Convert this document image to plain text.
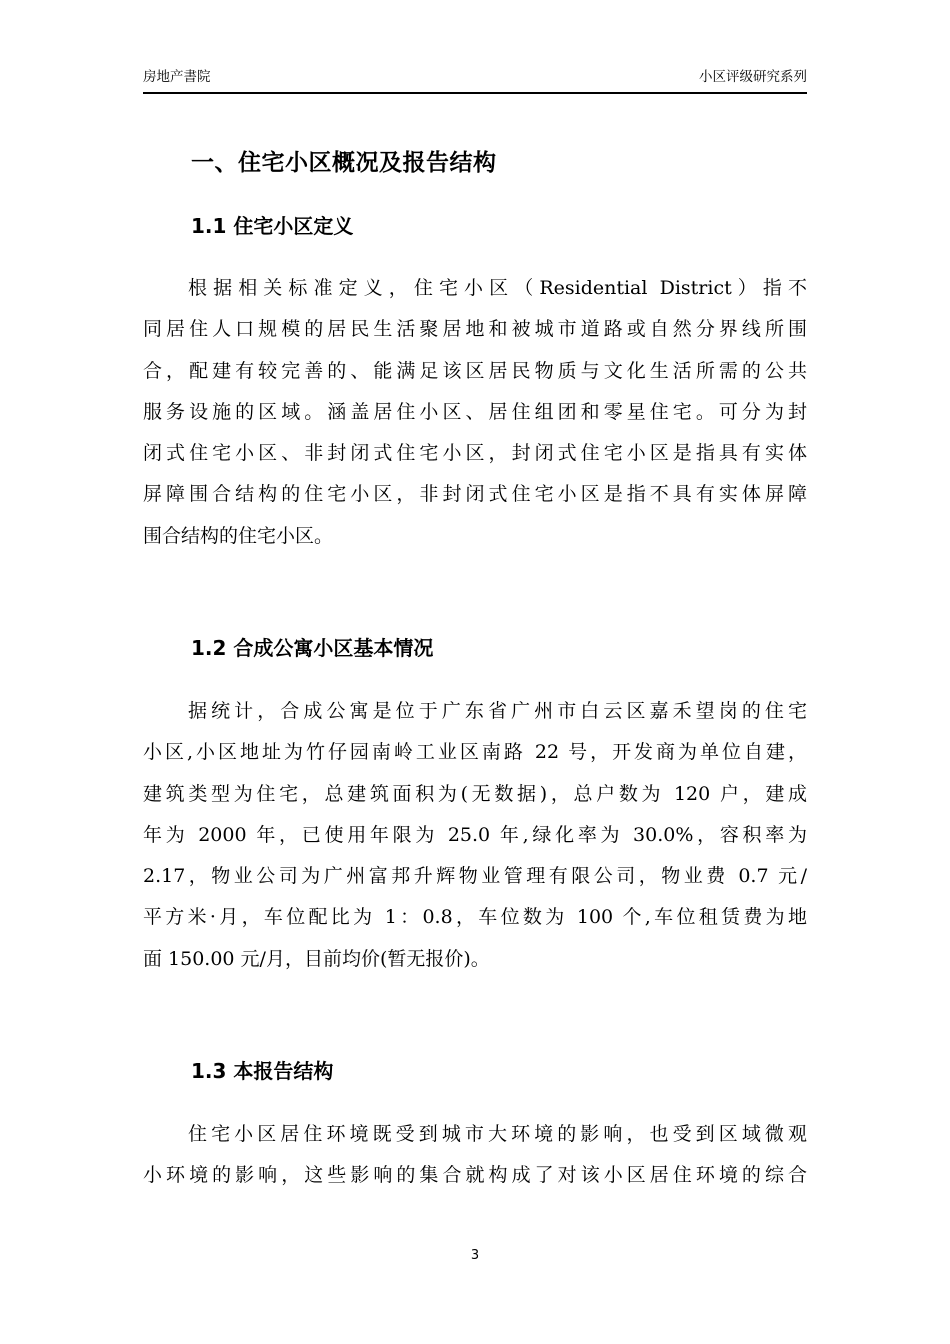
房地产書院	小区评级研究系列
一、住宅小区概况及报告结构
1.1 住宅小区定义
根据相关标准定义，住宅小区（Residential District）指不
同居住人口规模的居民生活聚居地和被城市道路或自然分界线所围
合，配建有较完善的、能满足该区居民物质与文化生活所需的公共
服务设施的区域。涵盖居住小区、居住组团和零星住宅。可分为封
闭式住宅小区、非封闭式住宅小区，封闭式住宅小区是指具有实体
屏障围合结构的住宅小区，非封闭式住宅小区是指不具有实体屏障
围合结构的住宅小区。
1.2 合成公寓小区基本情况
据统计，合成公寓是位于广东省广州市白云区嘉禾望岗的住宅
小区,小区地址为竹仔园南岭工业区南路 22 号，开发商为单位自建，
建筑类型为住宅，总建筑面积为(无数据)，总户数为 120 户，建成
年为 2000 年，已使用年限为 25.0 年,绿化率为 30.0%，容积率为
2.17，物业公司为广州富邦升辉物业管理有限公司，物业费 0.7 元/
平方米·月，车位配比为 1：0.8，车位数为 100 个,车位租赁费为地
面 150.00 元/月，目前均价(暂无报价)。
1.3 本报告结构
住宅小区居住环境既受到城市大环境的影响，也受到区域微观
小环境的影响，这些影响的集合就构成了对该小区居住环境的综合
3
